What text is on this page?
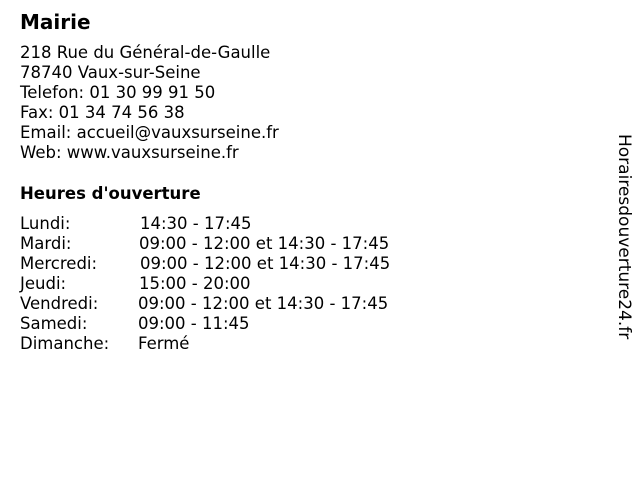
Mairie
218 Rue du Général-de-Gaulle
78740 Vaux-sur-Seine
Telefon: 01 30 99 91 50
Fax: 01 34 74 56 38
Email: accueil@vauxsurseine.fr
Web: www.vauxsurseine.fr
Heures d'ouverture
Lundi:	14:30 - 17:45
Mardi:	09:00 - 12:00 et 14:30 - 17:45
Mercredi:	09:00 - 12:00 et 14:30 - 17:45
Jeudi:	15:00 - 20:00
Vendredi: 09:00 - 12:00 et 14:30 - 17:45
Samedi:	09:00 - 11:45
Dimanche: Fermé
Horairesdouverture24.fr
